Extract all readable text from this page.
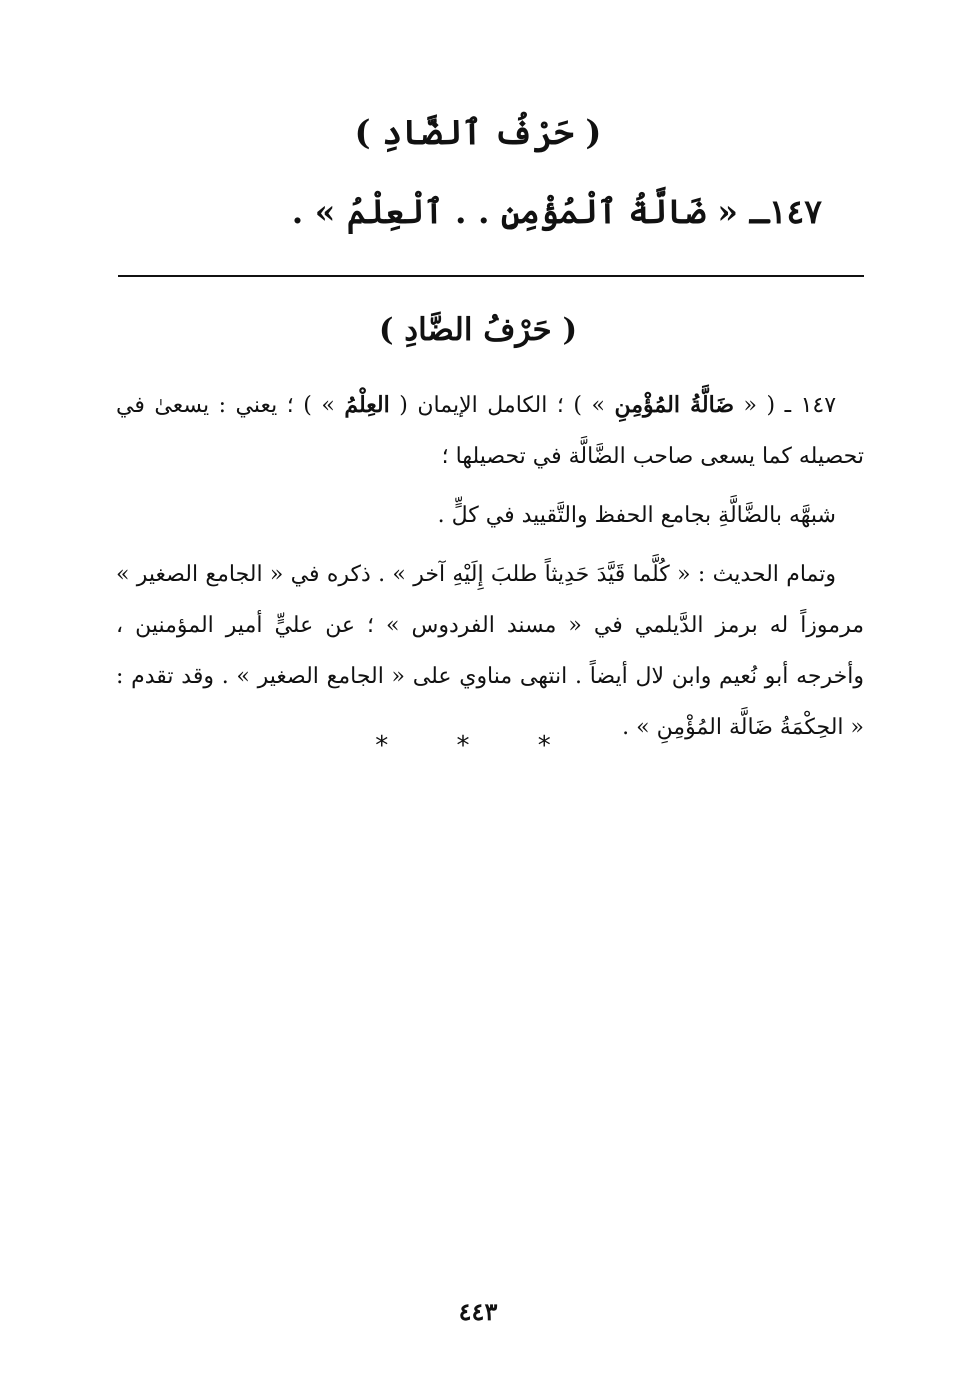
( حَرْفُ ٱلضَّادِ )
١٤٧ـ « ضَالَّةُ ٱلْمُؤْمِنِ . . ٱلْعِلْمُ » .
( حَرْفُ الضَّادِ )

١٤٧ ـ ( « ضَالَّةُ المُؤْمِنِ » ) ؛ الكامل الإيمان ( العِلْمُ » ) ؛ يعني : يسعىٰ في تحصيله كما يسعى صاحب الضَّالَّة في تحصيلها ؛

شبهَّه بالضَّالَّةِ بجامع الحفظ والتَّقييد في كلٍّ .

وتمام الحديث : « كُلَّما قَيَّدَ حَدِيثاً طلبَ إِلَيْهِ آخر » . ذكره في « الجامع الصغير » مرموزاً له برمز الدَّيلمي في « مسند الفردوس » ؛ عن عليٍّ أمير المؤمنين ، وأخرجه أبو نُعيم وابن لال أيضاً . انتهى مناوي على « الجامع الصغير » . وقد تقدم : « الحِكْمَةُ ضَالَّة المُؤْمِنِ » .

* * *
٤٤٣
